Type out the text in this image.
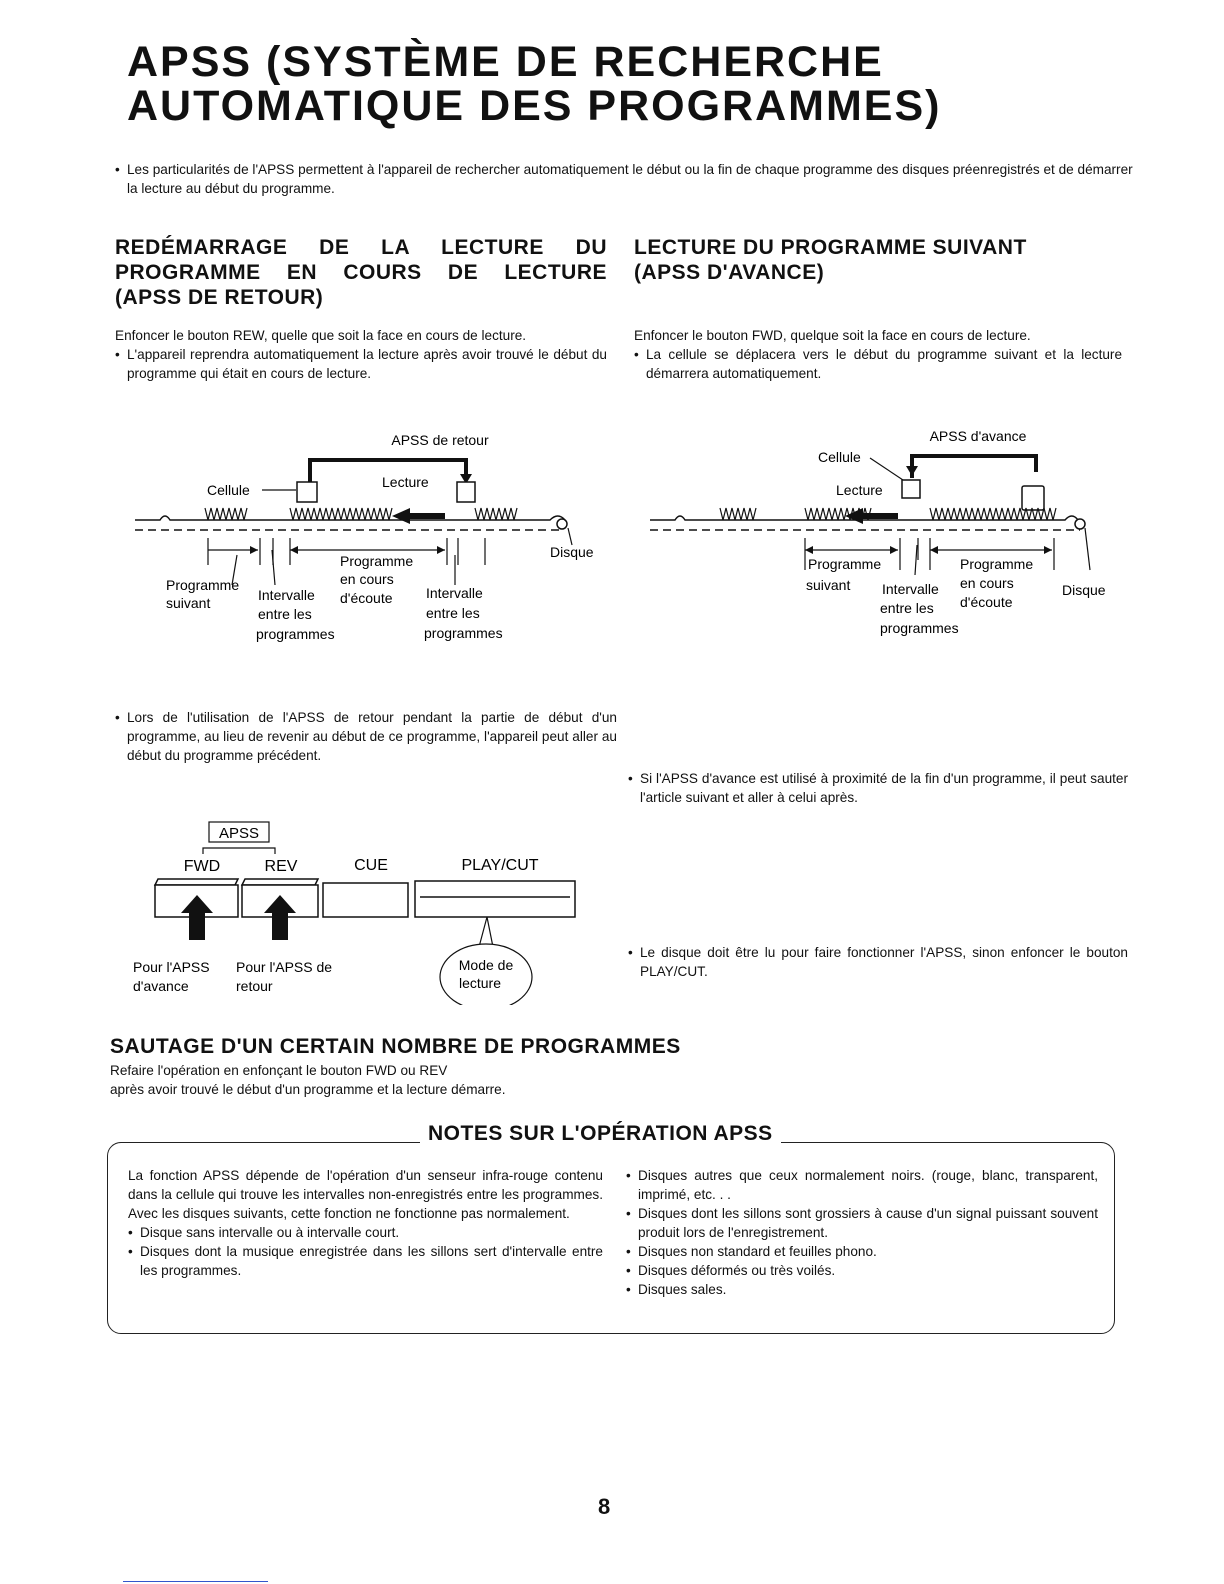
APSS (SYSTÈME DE RECHERCHE
AUTOMATIQUE DES PROGRAMMES)
• Les particularités de l'APSS permettent à l'appareil de rechercher automatiquement le début ou la fin de chaque programme des disques préenregistrés et de démarrer la lecture au début du programme.
REDÉMARRAGE DE LA LECTURE DU
PROGRAMME EN COURS DE LECTURE
(APSS DE RETOUR)

Enfoncer le bouton REW, quelle que soit la face en cours de lecture.

• L'appareil reprendra automatiquement la lecture après avoir trouvé le début du programme qui était en cours de lecture.

APSS de retour
Cellule	Lecture
Disque
Programme
suivant	Intervalle
entre les
programmes
Programme
en cours
d'écoute Intervalle
entre les
programmes
• Lors de l'utilisation de l'APSS de retour pendant la partie de début d'un programme, au lieu de revenir au début de ce programme, l'appareil peut aller au début du programme précédent.
LECTURE DU PROGRAMME SUIVANT
(APSS D'AVANCE)

Enfoncer le bouton FWD, quelque soit la face en cours de lecture.

• La cellule se déplacera vers le début du programme suivant et la lecture démarrera automatiquement.

APSS d'avance
Cellule
Lecture
Programme
suivant Intervalle
entre les
programmes
Programme
en cours
d'écoute
Disque
• Si l'APSS d'avance est utilisé à proximité de la fin d'un programme, il peut sauter l'article suivant et aller à celui après.
• Le disque doit être lu pour faire fonctionner l'APSS, sinon enfoncer le bouton PLAY/CUT.
APSS
FWD	REV	CUE	PLAY/CUT
Mode de
lecture
Pour l'APSS
d'avance
Pour l'APSS de
retour
SAUTAGE D'UN CERTAIN NOMBRE DE PROGRAMMES
Refaire l'opération en enfonçant le bouton FWD ou REV
après avoir trouvé le début d'un programme et la lecture démarre.
NOTES SUR L'OPÉRATION APSS

La fonction APSS dépende de l'opération d'un senseur infra-rouge contenu dans la cellule qui trouve les intervalles non-enregistrés entre les programmes. Avec les disques suivants, cette fonction ne fonctionne pas normalement.

• Disque sans intervalle ou à intervalle court.

• Disques dont la musique enregistrée dans les sillons sert d'intervalle entre les programmes.

• Disques autres que ceux normalement noirs. (rouge, blanc, transparent, imprimé, etc. . .

• Disques dont les sillons sont grossiers à cause d'un signal puissant souvent produit lors de l'enregistrement.

• Disques non standard et feuilles phono.

• Disques déformés ou très voilés.

• Disques sales.

8
